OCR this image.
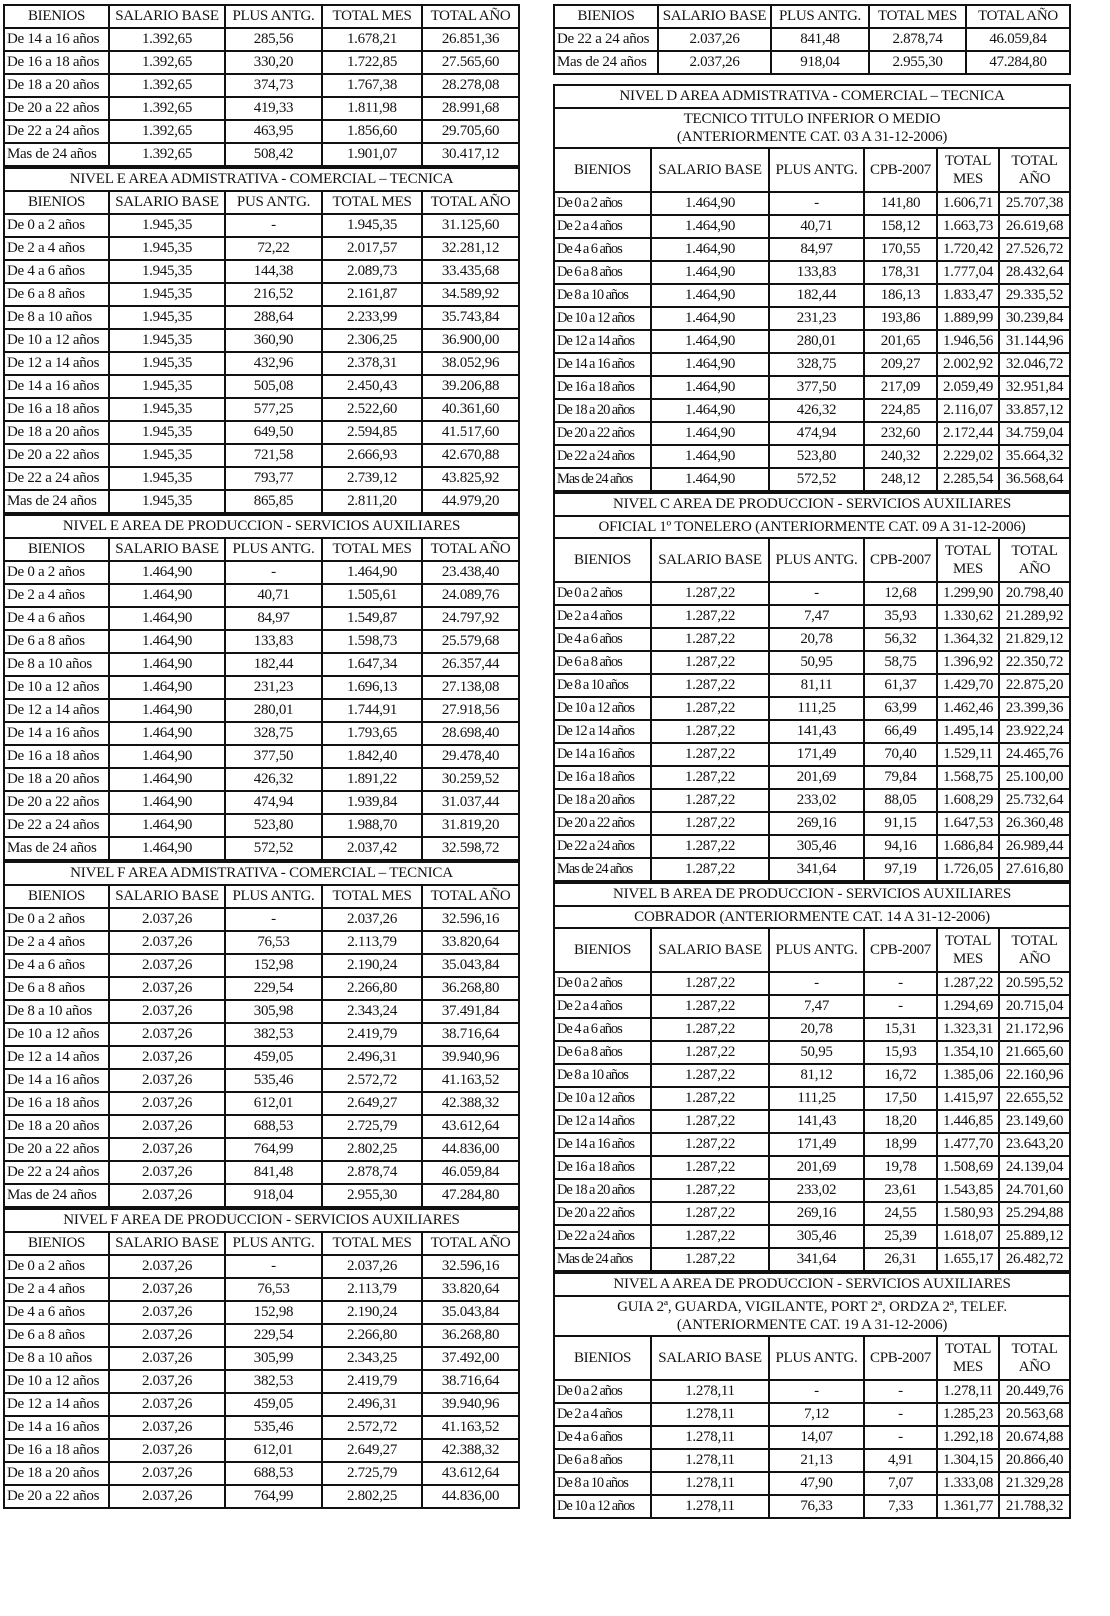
BIENIOS	SALARIO BASE	PLUS ANTG.	TOTAL MES	TOTAL AÑO
De 14 a 16 años	1.392,65	285,56	1.678,21	26.851,36
De 16 a 18 años	1.392,65	330,20	1.722,85	27.565,60
De 18 a 20 años	1.392,65	374,73	1.767,38	28.278,08
De 20 a 22 años	1.392,65	419,33	1.811,98	28.991,68
De 22 a 24 años	1.392,65	463,95	1.856,60	29.705,60
Mas de 24 años	1.392,65	508,42	1.901,07	30.417,12
NIVEL E AREA ADMISTRATIVA - COMERCIAL – TECNICA				
BIENIOS	SALARIO BASE	PUS ANTG.	TOTAL MES	TOTAL AÑO
De 0 a 2 años	1.945,35	-	1.945,35	31.125,60
De 2 a 4 años	1.945,35	72,22	2.017,57	32.281,12
De 4 a 6 años	1.945,35	144,38	2.089,73	33.435,68
De 6 a 8 años	1.945,35	216,52	2.161,87	34.589,92
De 8 a 10 años	1.945,35	288,64	2.233,99	35.743,84
De 10 a 12 años	1.945,35	360,90	2.306,25	36.900,00
De 12 a 14 años	1.945,35	432,96	2.378,31	38.052,96
De 14 a 16 años	1.945,35	505,08	2.450,43	39.206,88
De 16 a 18 años	1.945,35	577,25	2.522,60	40.361,60
De 18 a 20 años	1.945,35	649,50	2.594,85	41.517,60
De 20 a 22 años	1.945,35	721,58	2.666,93	42.670,88
De 22 a 24 años	1.945,35	793,77	2.739,12	43.825,92
Mas de 24 años	1.945,35	865,85	2.811,20	44.979,20
NIVEL E AREA DE PRODUCCION - SERVICIOS AUXILIARES				
BIENIOS	SALARIO BASE	PLUS ANTG.	TOTAL MES	TOTAL AÑO
De 0 a 2 años	1.464,90	-	1.464,90	23.438,40
De 2 a 4 años	1.464,90	40,71	1.505,61	24.089,76
De 4 a 6 años	1.464,90	84,97	1.549,87	24.797,92
De 6 a 8 años	1.464,90	133,83	1.598,73	25.579,68
De 8 a 10 años	1.464,90	182,44	1.647,34	26.357,44
De 10 a 12 años	1.464,90	231,23	1.696,13	27.138,08
De 12 a 14 años	1.464,90	280,01	1.744,91	27.918,56
De 14 a 16 años	1.464,90	328,75	1.793,65	28.698,40
De 16 a 18 años	1.464,90	377,50	1.842,40	29.478,40
De 18 a 20 años	1.464,90	426,32	1.891,22	30.259,52
De 20 a 22 años	1.464,90	474,94	1.939,84	31.037,44
De 22 a 24 años	1.464,90	523,80	1.988,70	31.819,20
Mas de 24 años	1.464,90	572,52	2.037,42	32.598,72
NIVEL F AREA ADMISTRATIVA - COMERCIAL – TECNICA				
BIENIOS	SALARIO BASE	PLUS ANTG.	TOTAL MES	TOTAL AÑO
De 0 a 2 años	2.037,26	-	2.037,26	32.596,16
De 2 a 4 años	2.037,26	76,53	2.113,79	33.820,64
De 4 a 6 años	2.037,26	152,98	2.190,24	35.043,84
De 6 a 8 años	2.037,26	229,54	2.266,80	36.268,80
De 8 a 10 años	2.037,26	305,98	2.343,24	37.491,84
De 10 a 12 años	2.037,26	382,53	2.419,79	38.716,64
De 12 a 14 años	2.037,26	459,05	2.496,31	39.940,96
De 14 a 16 años	2.037,26	535,46	2.572,72	41.163,52
De 16 a 18 años	2.037,26	612,01	2.649,27	42.388,32
De 18 a 20 años	2.037,26	688,53	2.725,79	43.612,64
De 20 a 22 años	2.037,26	764,99	2.802,25	44.836,00
De 22 a 24 años	2.037,26	841,48	2.878,74	46.059,84
Mas de 24 años	2.037,26	918,04	2.955,30	47.284,80
NIVEL F AREA DE PRODUCCION - SERVICIOS AUXILIARES				
BIENIOS	SALARIO BASE	PLUS ANTG.	TOTAL MES	TOTAL AÑO
De 0 a 2 años	2.037,26	-	2.037,26	32.596,16
De 2 a 4 años	2.037,26	76,53	2.113,79	33.820,64
De 4 a 6 años	2.037,26	152,98	2.190,24	35.043,84
De 6 a 8 años	2.037,26	229,54	2.266,80	36.268,80
De 8 a 10 años	2.037,26	305,99	2.343,25	37.492,00
De 10 a 12 años	2.037,26	382,53	2.419,79	38.716,64
De 12 a 14 años	2.037,26	459,05	2.496,31	39.940,96
De 14 a 16 años	2.037,26	535,46	2.572,72	41.163,52
De 16 a 18 años	2.037,26	612,01	2.649,27	42.388,32
De 18 a 20 años	2.037,26	688,53	2.725,79	43.612,64
De 20 a 22 años	2.037,26	764,99	2.802,25	44.836,00
BIENIOS	SALARIO BASE	PLUS ANTG.	TOTAL MES	TOTAL AÑO
De 22 a 24 años	2.037,26	841,48	2.878,74	46.059,84
Mas de 24 años	2.037,26	918,04	2.955,30	47.284,80
NIVEL D AREA ADMISTRATIVA - COMERCIAL – TECNICA					
TECNICO TITULO INFERIOR O MEDIO
(ANTERIORMENTE CAT. 03 A 31-12-2006)					
BIENIOS	SALARIO BASE	PLUS ANTG.	CPB-2007	TOTAL MES	TOTAL AÑO
De 0 a 2 años	1.464,90	-	141,80	1.606,71	25.707,38
De 2 a 4 años	1.464,90	40,71	158,12	1.663,73	26.619,68
De 4 a 6 años	1.464,90	84,97	170,55	1.720,42	27.526,72
De 6 a 8 años	1.464,90	133,83	178,31	1.777,04	28.432,64
De 8 a 10 años	1.464,90	182,44	186,13	1.833,47	29.335,52
De 10 a 12 años	1.464,90	231,23	193,86	1.889,99	30.239,84
De 12 a 14 años	1.464,90	280,01	201,65	1.946,56	31.144,96
De 14 a 16 años	1.464,90	328,75	209,27	2.002,92	32.046,72
De 16 a 18 años	1.464,90	377,50	217,09	2.059,49	32.951,84
De 18 a 20 años	1.464,90	426,32	224,85	2.116,07	33.857,12
De 20 a 22 años	1.464,90	474,94	232,60	2.172,44	34.759,04
De 22 a 24 años	1.464,90	523,80	240,32	2.229,02	35.664,32
Mas de 24 años	1.464,90	572,52	248,12	2.285,54	36.568,64
NIVEL C AREA DE PRODUCCION - SERVICIOS AUXILIARES					
OFICIAL 1º TONELERO (ANTERIORMENTE CAT. 09 A 31-12-2006)					
BIENIOS	SALARIO BASE	PLUS ANTG.	CPB-2007	TOTAL MES	TOTAL AÑO
De 0 a 2 años	1.287,22	-	12,68	1.299,90	20.798,40
De 2 a 4 años	1.287,22	7,47	35,93	1.330,62	21.289,92
De 4 a 6 años	1.287,22	20,78	56,32	1.364,32	21.829,12
De 6 a 8 años	1.287,22	50,95	58,75	1.396,92	22.350,72
De 8 a 10 años	1.287,22	81,11	61,37	1.429,70	22.875,20
De 10 a 12 años	1.287,22	111,25	63,99	1.462,46	23.399,36
De 12 a 14 años	1.287,22	141,43	66,49	1.495,14	23.922,24
De 14 a 16 años	1.287,22	171,49	70,40	1.529,11	24.465,76
De 16 a 18 años	1.287,22	201,69	79,84	1.568,75	25.100,00
De 18 a 20 años	1.287,22	233,02	88,05	1.608,29	25.732,64
De 20 a 22 años	1.287,22	269,16	91,15	1.647,53	26.360,48
De 22 a 24 años	1.287,22	305,46	94,16	1.686,84	26.989,44
Mas de 24 años	1.287,22	341,64	97,19	1.726,05	27.616,80
NIVEL B AREA DE PRODUCCION - SERVICIOS AUXILIARES					
COBRADOR (ANTERIORMENTE CAT. 14 A 31-12-2006)					
BIENIOS	SALARIO BASE	PLUS ANTG.	CPB-2007	TOTAL MES	TOTAL AÑO
De 0 a 2 años	1.287,22	-	-	1.287,22	20.595,52
De 2 a 4 años	1.287,22	7,47	-	1.294,69	20.715,04
De 4 a 6 años	1.287,22	20,78	15,31	1.323,31	21.172,96
De 6 a 8 años	1.287,22	50,95	15,93	1.354,10	21.665,60
De 8 a 10 años	1.287,22	81,12	16,72	1.385,06	22.160,96
De 10 a 12 años	1.287,22	111,25	17,50	1.415,97	22.655,52
De 12 a 14 años	1.287,22	141,43	18,20	1.446,85	23.149,60
De 14 a 16 años	1.287,22	171,49	18,99	1.477,70	23.643,20
De 16 a 18 años	1.287,22	201,69	19,78	1.508,69	24.139,04
De 18 a 20 años	1.287,22	233,02	23,61	1.543,85	24.701,60
De 20 a 22 años	1.287,22	269,16	24,55	1.580,93	25.294,88
De 22 a 24 años	1.287,22	305,46	25,39	1.618,07	25.889,12
Mas de 24 años	1.287,22	341,64	26,31	1.655,17	26.482,72
NIVEL A AREA DE PRODUCCION - SERVICIOS AUXILIARES					
GUIA 2ª, GUARDA, VIGILANTE, PORT 2ª, ORDZA 2ª, TELEF.
(ANTERIORMENTE CAT. 19 A 31-12-2006)					
BIENIOS	SALARIO BASE	PLUS ANTG.	CPB-2007	TOTAL MES	TOTAL AÑO
De 0 a 2 años	1.278,11	-	-	1.278,11	20.449,76
De 2 a 4 años	1.278,11	7,12	-	1.285,23	20.563,68
De 4 a 6 años	1.278,11	14,07	-	1.292,18	20.674,88
De 6 a 8 años	1.278,11	21,13	4,91	1.304,15	20.866,40
De 8 a 10 años	1.278,11	47,90	7,07	1.333,08	21.329,28
De 10 a 12 años	1.278,11	76,33	7,33	1.361,77	21.788,32
